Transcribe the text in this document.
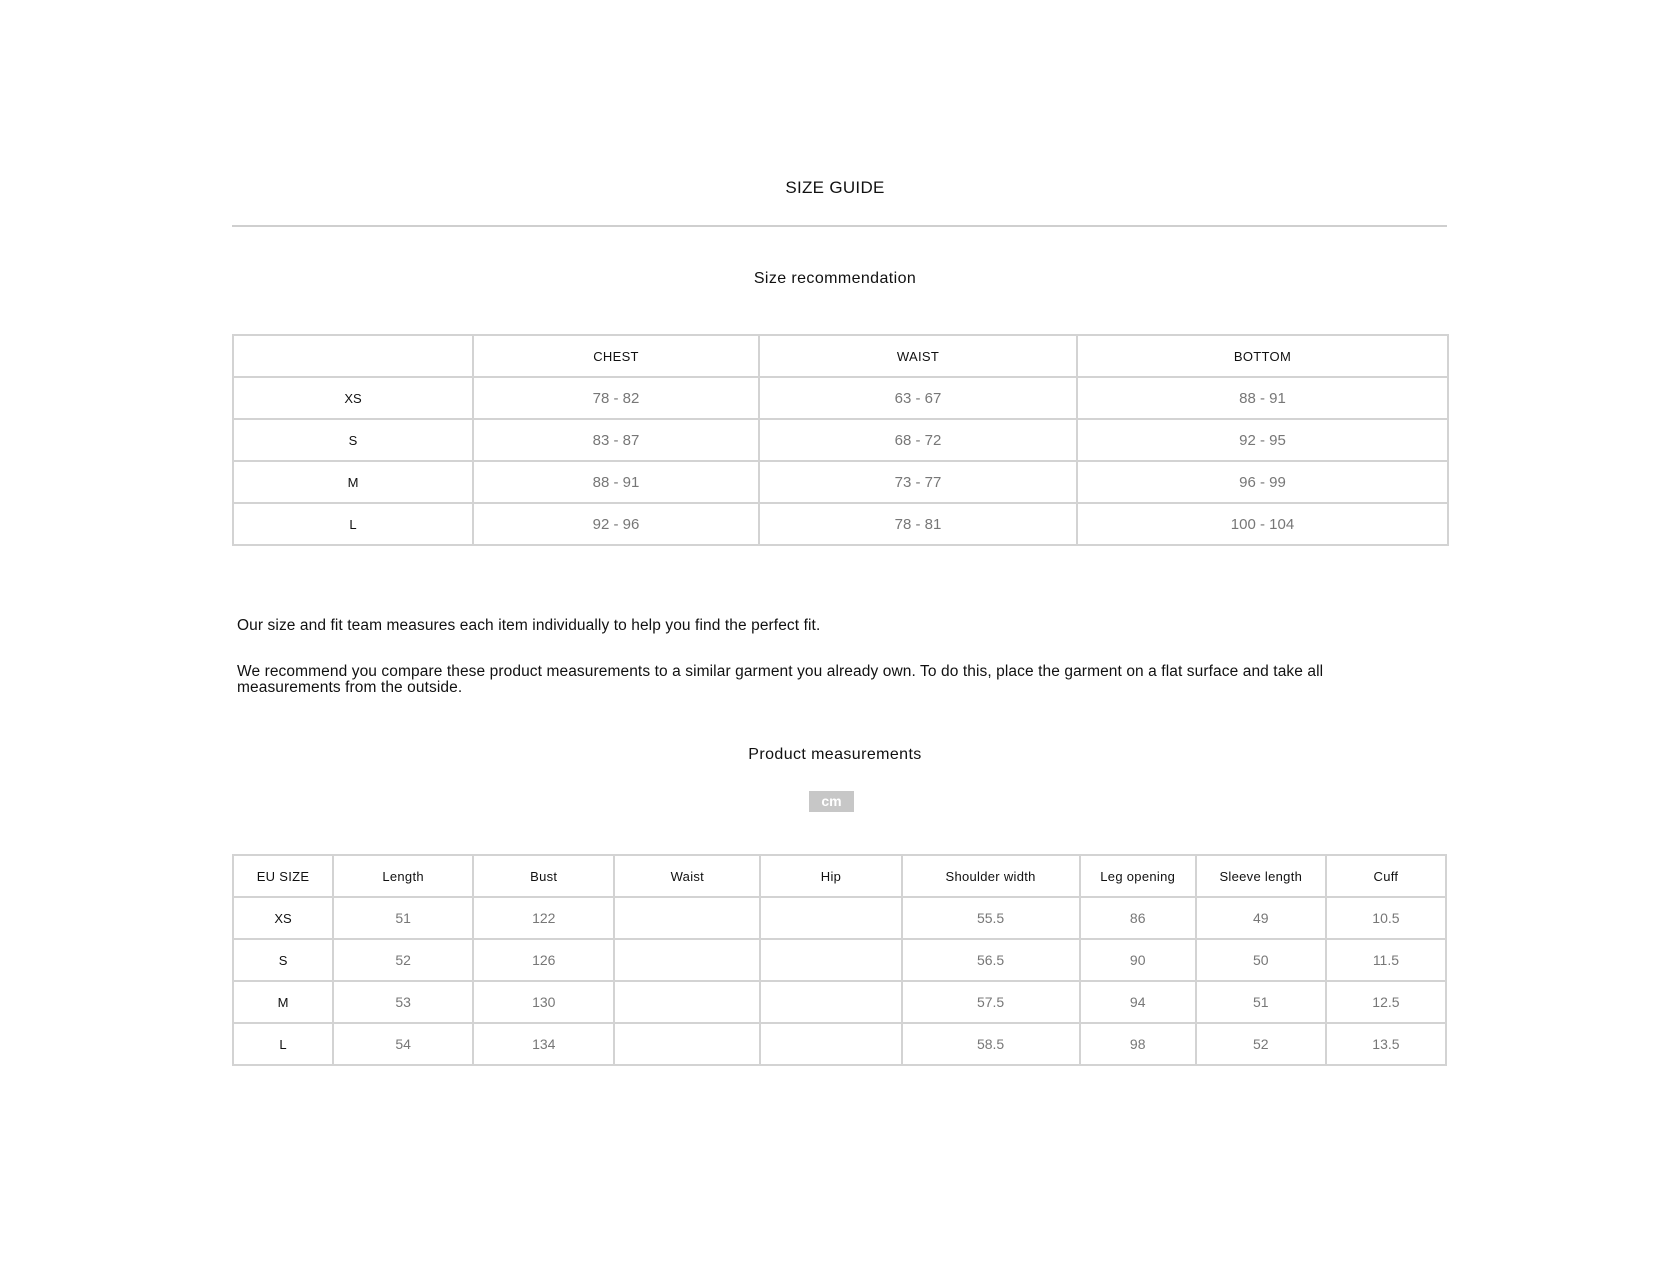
SIZE GUIDE
Size recommendation
	CHEST	WAIST	BOTTOM
XS	78 - 82	63 - 67	88 - 91
S	83 - 87	68 - 72	92 - 95
M	88 - 91	73 - 77	96 - 99
L	92 - 96	78 - 81	100 - 104
Our size and fit team measures each item individually to help you find the perfect fit.
We recommend you compare these product measurements to a similar garment you already own. To do this, place the garment on a flat surface and take all measurements from the outside.
Product measurements
cm
EU SIZE	Length	Bust	Waist	Hip	Shoulder width	Leg opening	Sleeve length	Cuff
XS	51	122			55.5	86	49	10.5
S	52	126			56.5	90	50	11.5
M	53	130			57.5	94	51	12.5
L	54	134			58.5	98	52	13.5
